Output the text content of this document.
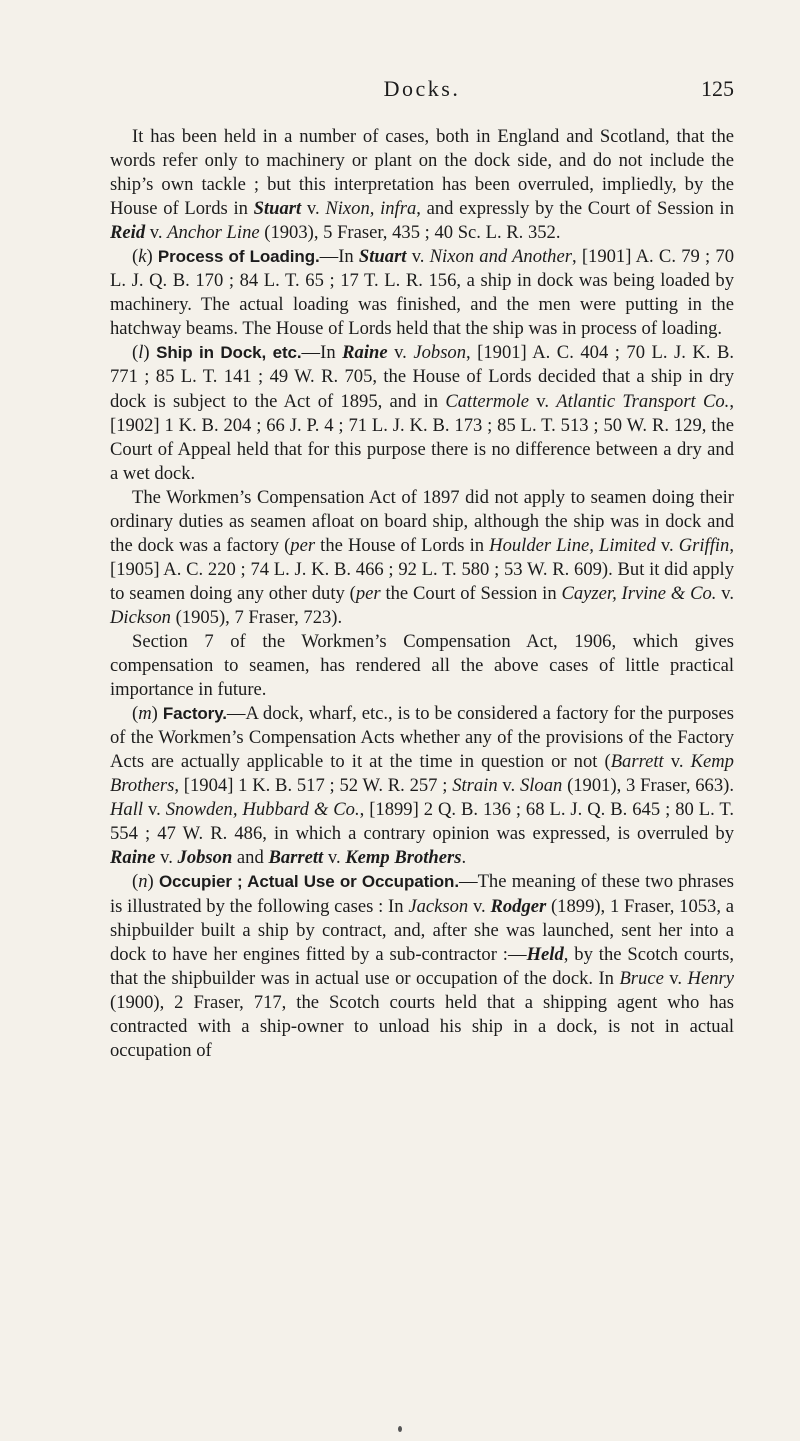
Docks.	125

It has been held in a number of cases, both in England and Scotland, that the words refer only to machinery or plant on the dock side, and do not include the ship’s own tackle ; but this interpretation has been overruled, impliedly, by the House of Lords in Stuart v. Nixon, infra, and expressly by the Court of Session in Reid v. Anchor Line (1903), 5 Fraser, 435 ; 40 Sc. L. R. 352.

(k) Process of Loading.—In Stuart v. Nixon and Another, [1901] A. C. 79 ; 70 L. J. Q. B. 170 ; 84 L. T. 65 ; 17 T. L. R. 156, a ship in dock was being loaded by machinery. The actual loading was finished, and the men were putting in the hatchway beams. The House of Lords held that the ship was in process of loading.

(l) Ship in Dock, etc.—In Raine v. Jobson, [1901] A. C. 404 ; 70 L. J. K. B. 771 ; 85 L. T. 141 ; 49 W. R. 705, the House of Lords decided that a ship in dry dock is subject to the Act of 1895, and in Cattermole v. Atlantic Transport Co., [1902] 1 K. B. 204 ; 66 J. P. 4 ; 71 L. J. K. B. 173 ; 85 L. T. 513 ; 50 W. R. 129, the Court of Appeal held that for this purpose there is no difference between a dry and a wet dock.

The Workmen’s Compensation Act of 1897 did not apply to seamen doing their ordinary duties as seamen afloat on board ship, although the ship was in dock and the dock was a factory (per the House of Lords in Houlder Line, Limited v. Griffin, [1905] A. C. 220 ; 74 L. J. K. B. 466 ; 92 L. T. 580 ; 53 W. R. 609). But it did apply to seamen doing any other duty (per the Court of Session in Cayzer, Irvine & Co. v. Dickson (1905), 7 Fraser, 723).

Section 7 of the Workmen’s Compensation Act, 1906, which gives compensation to seamen, has rendered all the above cases of little practical importance in future.

(m) Factory.—A dock, wharf, etc., is to be considered a factory for the purposes of the Workmen’s Compensation Acts whether any of the provisions of the Factory Acts are actually applicable to it at the time in question or not (Barrett v. Kemp Brothers, [1904] 1 K. B. 517 ; 52 W. R. 257 ; Strain v. Sloan (1901), 3 Fraser, 663). Hall v. Snowden, Hubbard & Co., [1899] 2 Q. B. 136 ; 68 L. J. Q. B. 645 ; 80 L. T. 554 ; 47 W. R. 486, in which a contrary opinion was expressed, is overruled by Raine v. Jobson and Barrett v. Kemp Brothers.

(n) Occupier ; Actual Use or Occupation.—The meaning of these two phrases is illustrated by the following cases : In Jackson v. Rodger (1899), 1 Fraser, 1053, a shipbuilder built a ship by contract, and, after she was launched, sent her into a dock to have her engines fitted by a sub-contractor :—Held, by the Scotch courts, that the shipbuilder was in actual use or occupation of the dock. In Bruce v. Henry (1900), 2 Fraser, 717, the Scotch courts held that a shipping agent who has contracted with a ship-owner to unload his ship in a dock, is not in actual occupation of
